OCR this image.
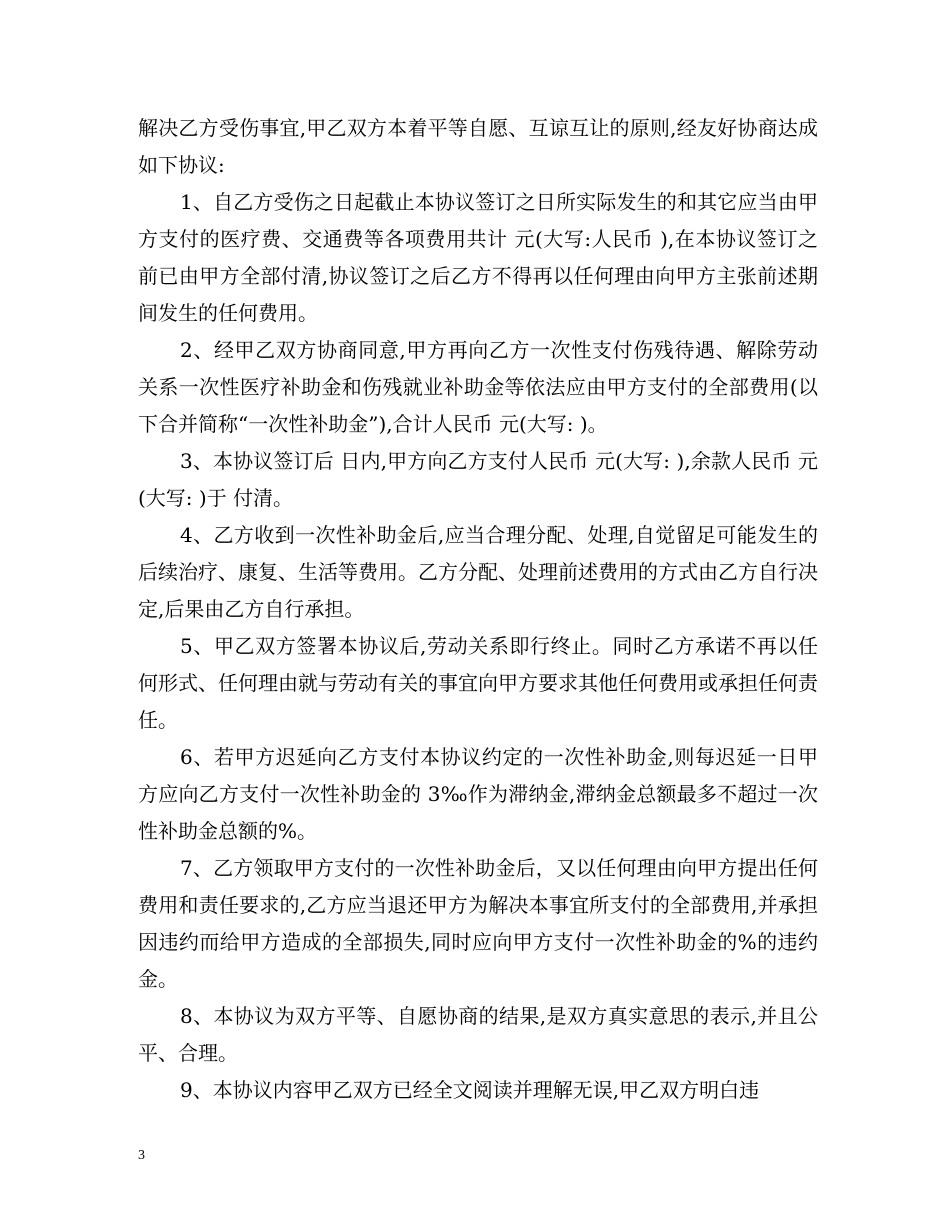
解决乙方受伤事宜,甲乙双方本着平等自愿、互谅互让的原则,经友好协商达成如下协议:

1、自乙方受伤之日起截止本协议签订之日所实际发生的和其它应当由甲方支付的医疗费、交通费等各项费用共计 元(大写:人民币 ),在本协议签订之前已由甲方全部付清,协议签订之后乙方不得再以任何理由向甲方主张前述期间发生的任何费用。

2、经甲乙双方协商同意,甲方再向乙方一次性支付伤残待遇、解除劳动关系一次性医疗补助金和伤残就业补助金等依法应由甲方支付的全部费用(以下合并简称“一次性补助金”),合计人民币 元(大写: )。

3、本协议签订后 日内,甲方向乙方支付人民币 元(大写: ),余款人民币 元(大写: )于 付清。

4、乙方收到一次性补助金后,应当合理分配、处理,自觉留足可能发生的后续治疗、康复、生活等费用。乙方分配、处理前述费用的方式由乙方自行决定,后果由乙方自行承担。

5、甲乙双方签署本协议后,劳动关系即行终止。同时乙方承诺不再以任何形式、任何理由就与劳动有关的事宜向甲方要求其他任何费用或承担任何责任。

6、若甲方迟延向乙方支付本协议约定的一次性补助金,则每迟延一日甲方应向乙方支付一次性补助金的 3‰作为滞纳金,滞纳金总额最多不超过一次性补助金总额的%。

7、乙方领取甲方支付的一次性补助金后，又以任何理由向甲方提出任何费用和责任要求的,乙方应当退还甲方为解决本事宜所支付的全部费用,并承担因违约而给甲方造成的全部损失,同时应向甲方支付一次性补助金的%的违约金。

8、本协议为双方平等、自愿协商的结果,是双方真实意思的表示,并且公平、合理。

9、本协议内容甲乙双方已经全文阅读并理解无误,甲乙双方明白违

3
